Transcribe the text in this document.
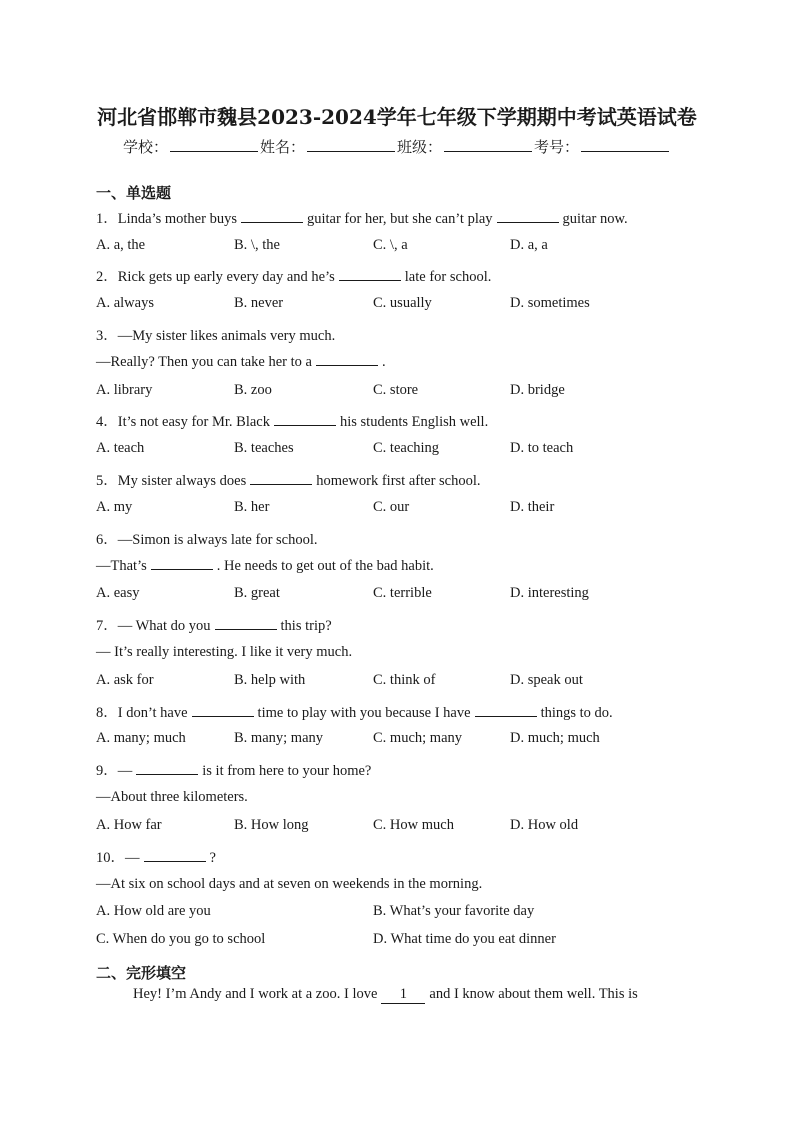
河北省邯郸市魏县2023-2024学年七年级下学期期中考试英语试卷
学校：	姓名：	班级：	考号：
一、单选题
1．Linda’s mother buys	guitar for her, but she can’t play	guitar now.
A. a, the	B. \, the	C. \, a	D. a, a
2．Rick gets up early every day and he’s	late for school.
A. always	B. never	C. usually	D. sometimes
3．—My sister likes animals very much.
—Really? Then you can take her to a	.
A. library	B. zoo	C. store	D. bridge
4．It’s not easy for Mr. Black	his students English well.
A. teach	B. teaches	C. teaching	D. to teach
5．My sister always does	homework first after school.
A. my	B. her	C. our	D. their
6．—Simon is always late for school.
—That’s	. He needs to get out of the bad habit.
A. easy	B. great	C. terrible	D. interesting
7．— What do you	this trip?
— It’s really interesting. I like it very much.
A. ask for	B. help with	C. think of	D. speak out
8．I don’t have	time to play with you because I have	things to do.
A. many; much	B. many; many	C. much; many	D. much; much
9．—	is it from here to your home?
—About three kilometers.
A. How far	B. How long	C. How much	D. How old
10．—	?
—At six on school days and at seven on weekends in the morning.
A. How old are you	B. What’s your favorite day
C. When do you go to school	D. What time do you eat dinner
二、完形填空
Hey! I’m Andy and I work at a zoo. I love 1 and I know about them well. This is
